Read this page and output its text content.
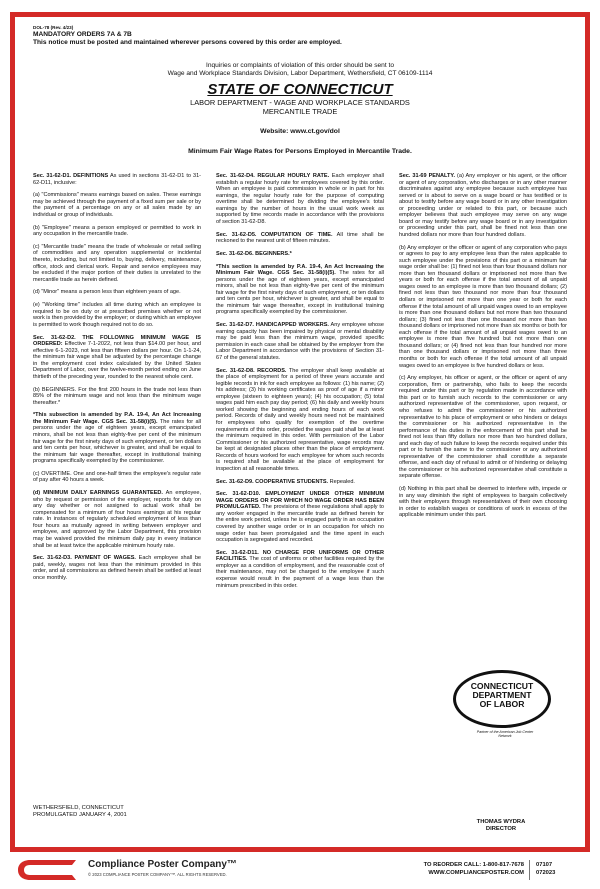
DOL-78 (Rev. 4/23)
MANDATORY ORDERS 7A & 7B
This notice must be posted and maintained wherever persons covered by this order are employed.
Inquiries or complaints of violation of this order should be sent to
Wage and Workplace Standards Division, Labor Department, Wethersfield, CT 06109-1114
STATE OF CONNECTICUT
LABOR DEPARTMENT - WAGE AND WORKPLACE STANDARDS
MERCANTILE TRADE
Website: www.ct.gov/dol
Minimum Fair Wage Rates for Persons Employed in Mercantile Trade.

Sec. 31-62-D1. DEFINITIONS As used in sections 31-62-D1 to 31-62-D11, inclusive:

(a) "Commissions" means earnings based on sales. These earnings may be achieved through the payment of a fixed sum per sale or by the payment of a percentage on any or all sales made by an individual or group of individuals.

(b) "Employee" means a person employed or permitted to work in any occupation in the mercantile trade.

(c) "Mercantile trade" means the trade of wholesale or retail selling of commodities and any operation supplemental or incidental thereto, including, but not limited to, buying, delivery, maintenance, office, stock and clerical work. Repair and service employees may be excluded if the major portion of their duties is unrelated to the mercantile trade as herein defined.

(d) "Minor" means a person less than eighteen years of age.

(e) "Working time" includes all time during which an employee is required to be on duty or at prescribed premises whether or not work is then provided by the employer; or during which an employee is permitted to work though required not to do so.

Sec. 31-62-D2. THE FOLLOWING MINIMUM WAGE IS ORDERED: Effective 7-1-2022, not less than $14.00 per hour, and effective 6-1-2023, not less than fifteen dollars per hour. On 1-1-24, the minimum fair wage shall be adjusted by the percentage change in the employment cost index calculated by the United States Department of Labor, over the twelve-month period ending on June thirtieth of the preceding year, rounded to the nearest whole cent.

(b) BEGINNERS. For the first 200 hours in the trade not less than 85% of the minimum wage and not less than the minimum wage thereafter.*

*This subsection is amended by P.A. 19-4, An Act Increasing the Minimum Fair Wage. CGS Sec. 31-58(i)(5). The rates for all persons under the age of eighteen years, except emancipated minors, shall be not less than eighty-five per cent of the minimum fair wage for the first ninety days of such employment, or ten dollars and ten cents per hour, whichever is greater, and shall be equal to the minimum fair wage thereafter, except in institutional training programs specifically exempted by the commissioner.

(c) OVERTIME. One and one-half times the employee's regular rate of pay after 40 hours a week.

(d) MINIMUM DAILY EARNINGS GUARANTEED. An employee, who by request or permission of the employer, reports for duty on any day whether or not assigned to actual work shall be compensated for a minimum of four hours earnings at his regular rate. In instances of regularly scheduled employment of less than four hours as mutually agreed in writing between employer and employee, and approved by the Labor Department, this provision may be waived provided the minimum daily pay in every instance shall be at least twice the applicable minimum hourly rate.

Sec. 31-62-D3. PAYMENT OF WAGES. Each employee shall be paid, weekly, wages not less than the minimum provided in this order, and all commissions as defined herein shall be settled at least once monthly.

Sec. 31-62-D4. REGULAR HOURLY RATE. Each employer shall establish a regular hourly rate for employees covered by this order. When an employee is paid commission in whole or in part for his earnings, the regular hourly rate for the purpose of computing overtime shall be determined by dividing the employee's total earnings by the number of hours in the usual work week as supported by time records made in accordance with the provisions of section 31-62-D8.

Sec. 31-62-D5. COMPUTATION OF TIME. All time shall be reckoned to the nearest unit of fifteen minutes.

Sec. 31-62-D6. BEGINNERS.*

*This section is amended by P.A. 19-4, An Act Increasing the Minimum Fair Wage. CGS Sec. 31-58(i)(5). The rates for all persons under the age of eighteen years, except emancipated minors, shall be not less than eighty-five per cent of the minimum fair wage for the first ninety days of such employment, or ten dollars and ten cents per hour, whichever is greater, and shall be equal to the minimum fair wage thereafter, except in institutional training programs specifically exempted by the commissioner.

Sec. 31-62-D7. HANDICAPPED WORKERS. Any employee whose earning capacity has been impaired by physical or mental disability may be paid less than the minimum wage, provided specific permission in each case shall be obtained by the employer from the Labor Department in accordance with the provisions of Section 31-67 of the general statutes.

Sec. 31-62-D8. RECORDS. The employer shall keep available at the place of employment for a period of three years accurate and legible records in ink for each employee as follows: (1) his name; (2) his address; (3) his working certificates as proof of age if a minor employee (sixteen to eighteen years); (4) his occupation; (5) total wages paid him each pay day period; (6) his daily and weekly hours worked showing the beginning and ending hours of each work period. Records of daily and weekly hours need not be maintained for employees who qualify for exemption of the overtime requirements of this order, provided the wages paid shall be at least the minimum required in this order. With permission of the Labor Commissioner or his authorized representative, wage records may be kept at designated places other than the place of employment. Records of hours worked for each employee for whom such records is required shall be available at the place of employment for inspection at all reasonable times.

Sec. 31-62-D9. COOPERATIVE STUDENTS. Repealed.

Sec. 31-62-D10. EMPLOYMENT UNDER OTHER MINIMUM WAGE ORDERS OR FOR WHICH NO WAGE ORDER HAS BEEN PROMULGATED. The provisions of these regulations shall apply to any worker engaged in the mercantile trade as defined herein for the entire work period, unless he is engaged partly in an occupation covered by another wage order or in an occupation for which no wage order has been promulgated and the time spent in each occupation is segregated and recorded.

Sec. 31-62-D11. NO CHARGE FOR UNIFORMS OR OTHER FACILITIES. The cost of uniforms or other facilities required by the employer as a condition of employment, and the reasonable cost of their maintenance, may not be charged to the employee if such expense would result in the payment of a wage less than the minimum prescribed in this order.

Sec. 31-69 PENALTY. (a) Any employer or his agent, or the officer or agent of any corporation, who discharges or in any other manner discriminates against any employee because such employee has served or is about to serve on a wage board or has testified or is about to testify before any wage board or in any other investigation or proceeding under or related to this part, or because such employer believes that such employee may serve on any wage board or may testify before any wage board or in any investigation or proceeding under this part, shall be fined not less than one hundred dollars nor more than four hundred dollars.

(b) Any employer or the officer or agent of any corporation who pays or agrees to pay to any employee less than the rates applicable to such employee under the provisions of this part or a minimum fair wage order shall be: (1) fined not less than four thousand dollars nor more than ten thousand dollars or imprisoned not more than five years or both for each offense if the total amount of all unpaid wages owed to an employee is more than two thousand dollars; (2) fined not less than two thousand nor more than four thousand dollars or imprisoned not more than one year or both for each offense if the total amount of all unpaid wages owed to an employee is more than one thousand dollars but not more than two thousand dollars; (3) fined not less than one thousand nor more than two thousand dollars or imprisoned not more than six months or both for each offense if the total amount of all unpaid wages owed to an employee is more than five hundred but not more than one thousand dollars; or (4) fined not less than four hundred nor more than one thousand dollars or imprisoned not more than three months or both for each offense if the total amount of all unpaid wages owed to an employee is five hundred dollars or less.

(c) Any employer, his officer or agent, or the officer or agent of any corporation, firm or partnership, who fails to keep the records required under this part or by regulation made in accordance with this part or to furnish such records to the commissioner or any authorized representative of the commissioner, upon request, or who refuses to admit the commissioner or his authorized representative to his place of employment or who hinders or delays the commissioner or his authorized representative in the performance of his duties in the enforcement of this part shall be fined not less than fifty dollars nor more than two hundred dollars, and each day of such failure to keep the records required under this part or to furnish the same to the commissioner or any authorized representative of the commissioner shall constitute a separate offense, and each day of refusal to admit or of hindering or delaying the commissioner or his authorized representative shall constitute a separate offense.

(d) Nothing in this part shall be deemed to interfere with, impede or in any way diminish the right of employees to bargain collectively with their employers through representatives of their own choosing in order to establish wages or conditions of work in excess of the applicable minimum under this part.

WETHERSFIELD, CONNECTICUT
PROMULGATED JANUARY 4, 2001
CONNECTICUT
DEPARTMENT
OF LABOR
Partner of the American Job Center Network
THOMAS WYDRA
DIRECTOR
CPC
Compliance Poster Company™
© 2023 COMPLIANCE POSTER COMPANY™. ALL RIGHTS RESERVED.
TO REORDER CALL: 1-800-817-7678
WWW.COMPLIANCEPOSTER.COM
07107
072023
